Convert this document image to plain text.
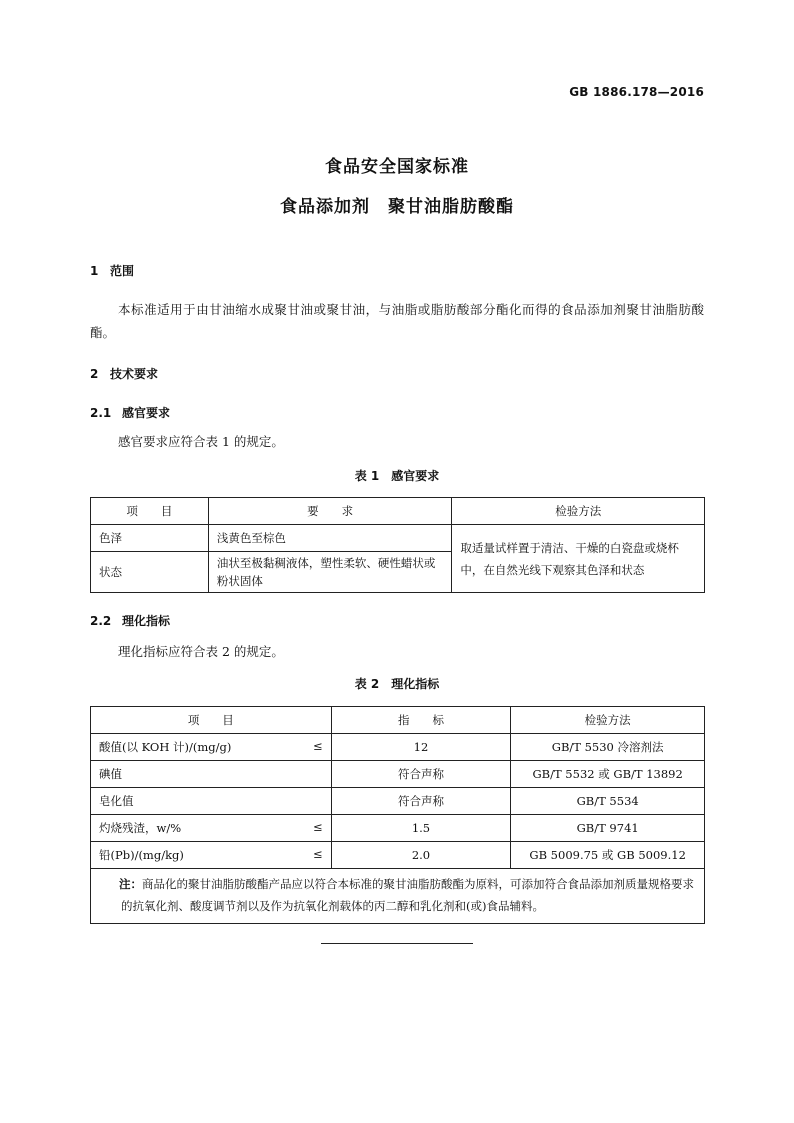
GB 1886.178—2016
食品安全国家标准
食品添加剂　聚甘油脂肪酸酯
1 范围
本标准适用于由甘油缩水成聚甘油或聚甘油，与油脂或脂肪酸部分酯化而得的食品添加剂聚甘油脂肪酸酯。
2 技术要求
2.1 感官要求
感官要求应符合表 1 的规定。
表 1　感官要求
项　　目	要　　求	检验方法
色泽	浅黄色至棕色	取适量试样置于清洁、干燥的白瓷盘或烧杯中，在自然光线下观察其色泽和状态
状态	油状至极黏稠液体，塑性柔软、硬性蜡状或粉状固体	
2.2 理化指标
理化指标应符合表 2 的规定。
表 2　理化指标
项　　目	指　　标	检验方法
酸值(以 KOH 计)/(mg/g) ≤	12	GB/T 5530 冷溶剂法
碘值	符合声称	GB/T 5532 或 GB/T 13892
皂化值	符合声称	GB/T 5534
灼烧残渣，w/% ≤	1.5	GB/T 9741
铅(Pb)/(mg/kg) ≤	2.0	GB 5009.75 或 GB 5009.12
注：商品化的聚甘油脂肪酸酯产品应以符合本标准的聚甘油脂肪酸酯为原料，可添加符合食品添加剂质量规格要求的抗氧化剂、酸度调节剂以及作为抗氧化剂载体的丙二醇和乳化剂和(或)食品辅料。		
